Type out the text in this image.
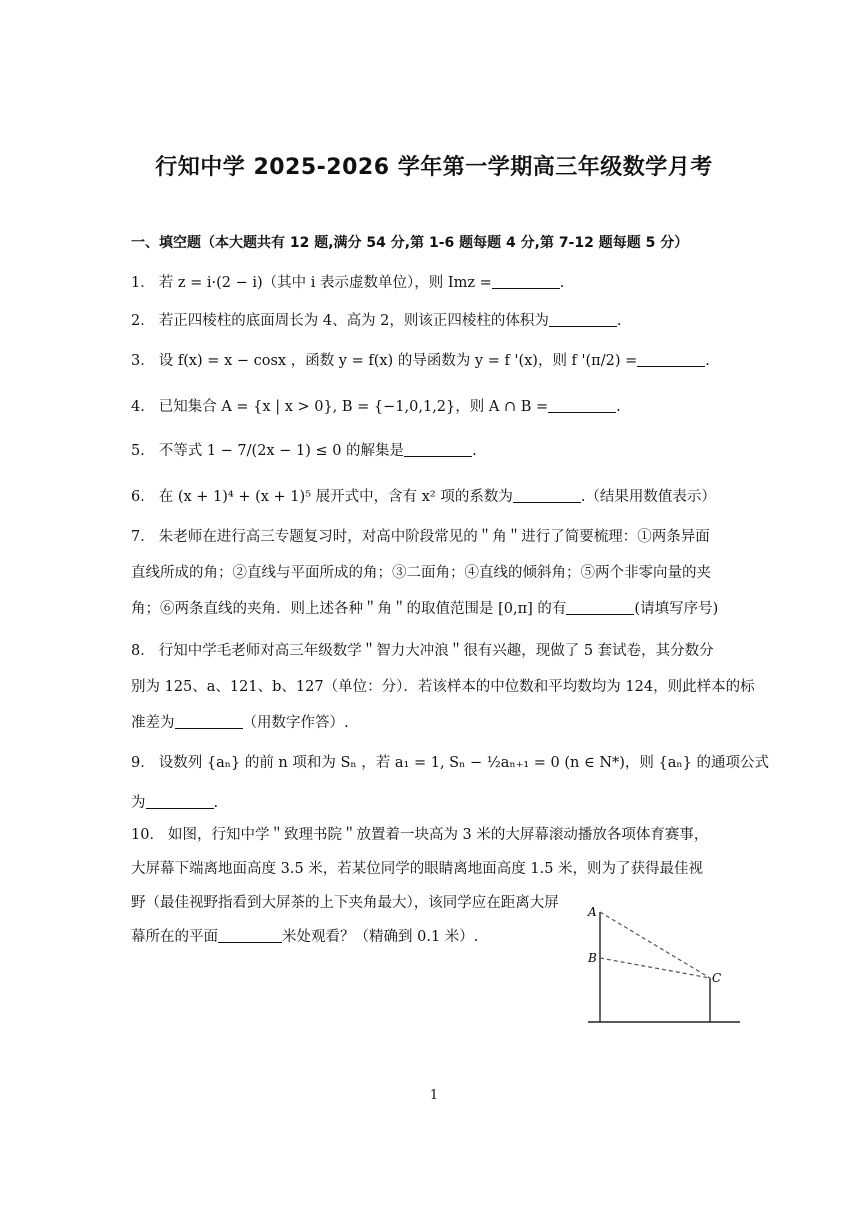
行知中学 2025-2026 学年第一学期高三年级数学月考
一、填空题（本大题共有 12 题,满分 54 分,第 1-6 题每题 4 分,第 7-12 题每题 5 分）
1． 若 z = i·(2 − i)（其中 i 表示虚数单位），则 Imz =	.
2． 若正四棱柱的底面周长为 4、高为 2，则该正四棱柱的体积为	.
3． 设 f(x) = x − cosx ，函数 y = f(x) 的导函数为 y = f '(x)，则 f '(π/2) =	.
4． 已知集合 A = {x | x > 0}, B = {−1,0,1,2}，则 A ∩ B =	.
5． 不等式 1 − 7/(2x − 1) ≤ 0 的解集是	.
6． 在 (x + 1)⁴ + (x + 1)⁵ 展开式中，含有 x² 项的系数为	.（结果用数值表示）
7． 朱老师在进行高三专题复习时，对高中阶段常见的＂角＂进行了简要梳理：①两条异面
直线所成的角；②直线与平面所成的角；③二面角；④直线的倾斜角；⑤两个非零向量的夹
角；⑥两条直线的夹角．则上述各种＂角＂的取值范围是 [0,π] 的有	(请填写序号)
8． 行知中学毛老师对高三年级数学＂智力大冲浪＂很有兴趣，现做了 5 套试卷，其分数分
别为 125、a、121、b、127（单位：分）．若该样本的中位数和平均数均为 124，则此样本的标
准差为	（用数字作答）.
9． 设数列 {aₙ} 的前 n 项和为 Sₙ ，若 a₁ = 1, Sₙ − ½aₙ₊₁ = 0 (n ∈ N*)，则 {aₙ} 的通项公式
为	.
10． 如图，行知中学＂致理书院＂放置着一块高为 3 米的大屏幕滚动播放各项体育赛事，
大屏幕下端离地面高度 3.5 米，若某位同学的眼睛离地面高度 1.5 米，则为了获得最佳视
野（最佳视野指看到大屏茶的上下夹角最大），该同学应在距离大屏
幕所在的平面	米处观看？（精确到 0.1 米）.
A
B
C
1
